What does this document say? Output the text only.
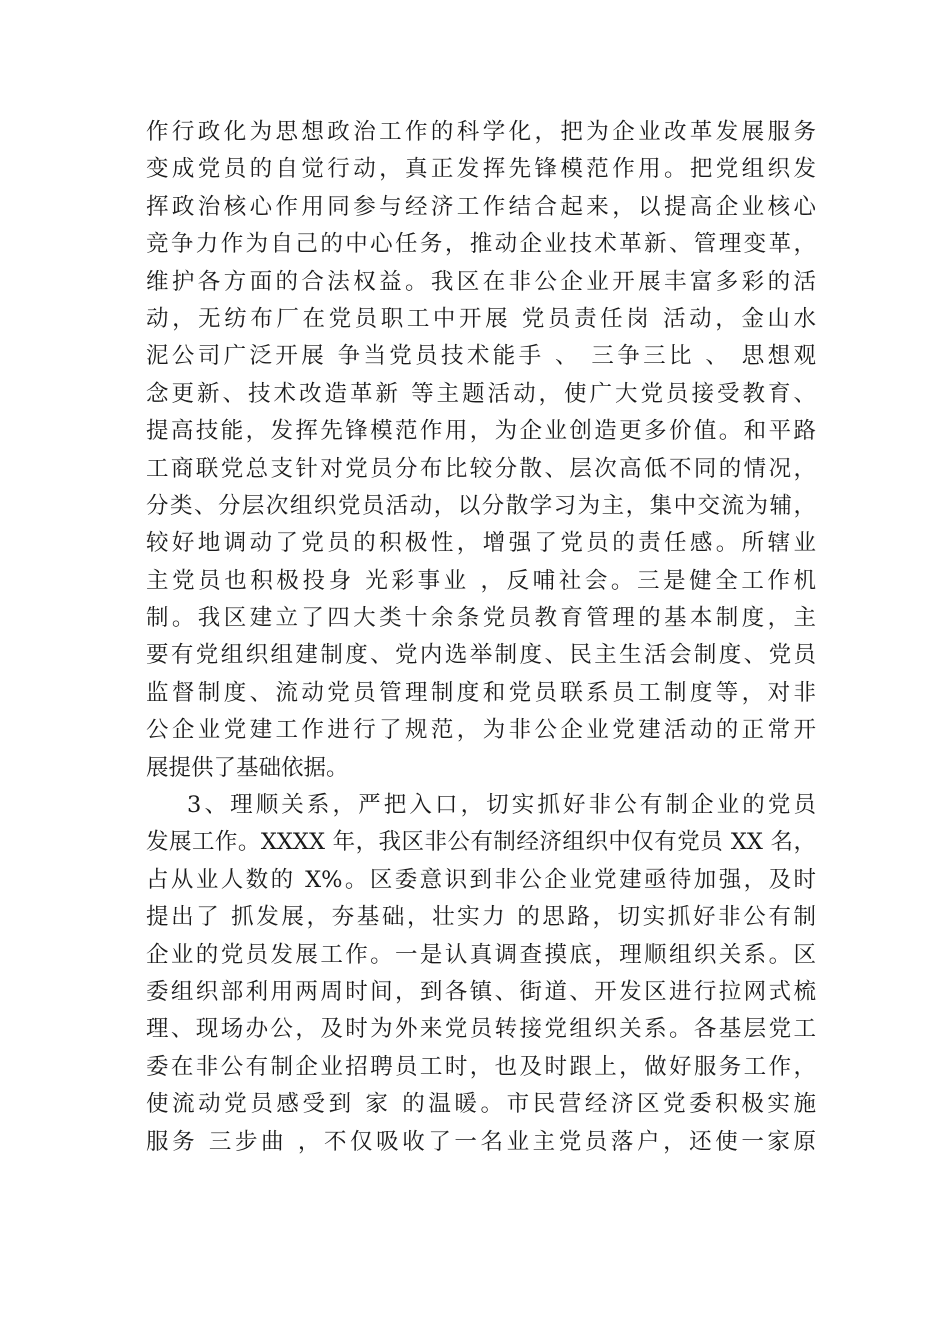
作行政化为思想政治工作的科学化，把为企业改革发展服务
变成党员的自觉行动，真正发挥先锋模范作用。把党组织发
挥政治核心作用同参与经济工作结合起来，以提高企业核心
竞争力作为自己的中心任务，推动企业技术革新、管理变革，
维护各方面的合法权益。我区在非公企业开展丰富多彩的活
动，无纺布厂在党员职工中开展 党员责任岗 活动，金山水
泥公司广泛开展 争当党员技术能手 、 三争三比 、 思想观
念更新、技术改造革新 等主题活动，使广大党员接受教育、
提高技能，发挥先锋模范作用，为企业创造更多价值。和平路
工商联党总支针对党员分布比较分散、层次高低不同的情况，
分类、分层次组织党员活动，以分散学习为主，集中交流为辅，
较好地调动了党员的积极性，增强了党员的责任感。所辖业
主党员也积极投身 光彩事业 ，反哺社会。三是健全工作机
制。我区建立了四大类十余条党员教育管理的基本制度，主
要有党组织组建制度、党内选举制度、民主生活会制度、党员
监督制度、流动党员管理制度和党员联系员工制度等，对非
公企业党建工作进行了规范，为非公企业党建活动的正常开
展提供了基础依据。
3、理顺关系，严把入口，切实抓好非公有制企业的党员
发展工作。XXXX 年，我区非公有制经济组织中仅有党员 XX 名，
占从业人数的 X%。区委意识到非公企业党建亟待加强，及时
提出了 抓发展，夯基础，壮实力 的思路，切实抓好非公有制
企业的党员发展工作。一是认真调查摸底，理顺组织关系。区
委组织部利用两周时间，到各镇、街道、开发区进行拉网式梳
理、现场办公，及时为外来党员转接党组织关系。各基层党工
委在非公有制企业招聘员工时，也及时跟上，做好服务工作，
使流动党员感受到 家 的温暖。市民营经济区党委积极实施
服务 三步曲 ，不仅吸收了一名业主党员落户，还使一家原
